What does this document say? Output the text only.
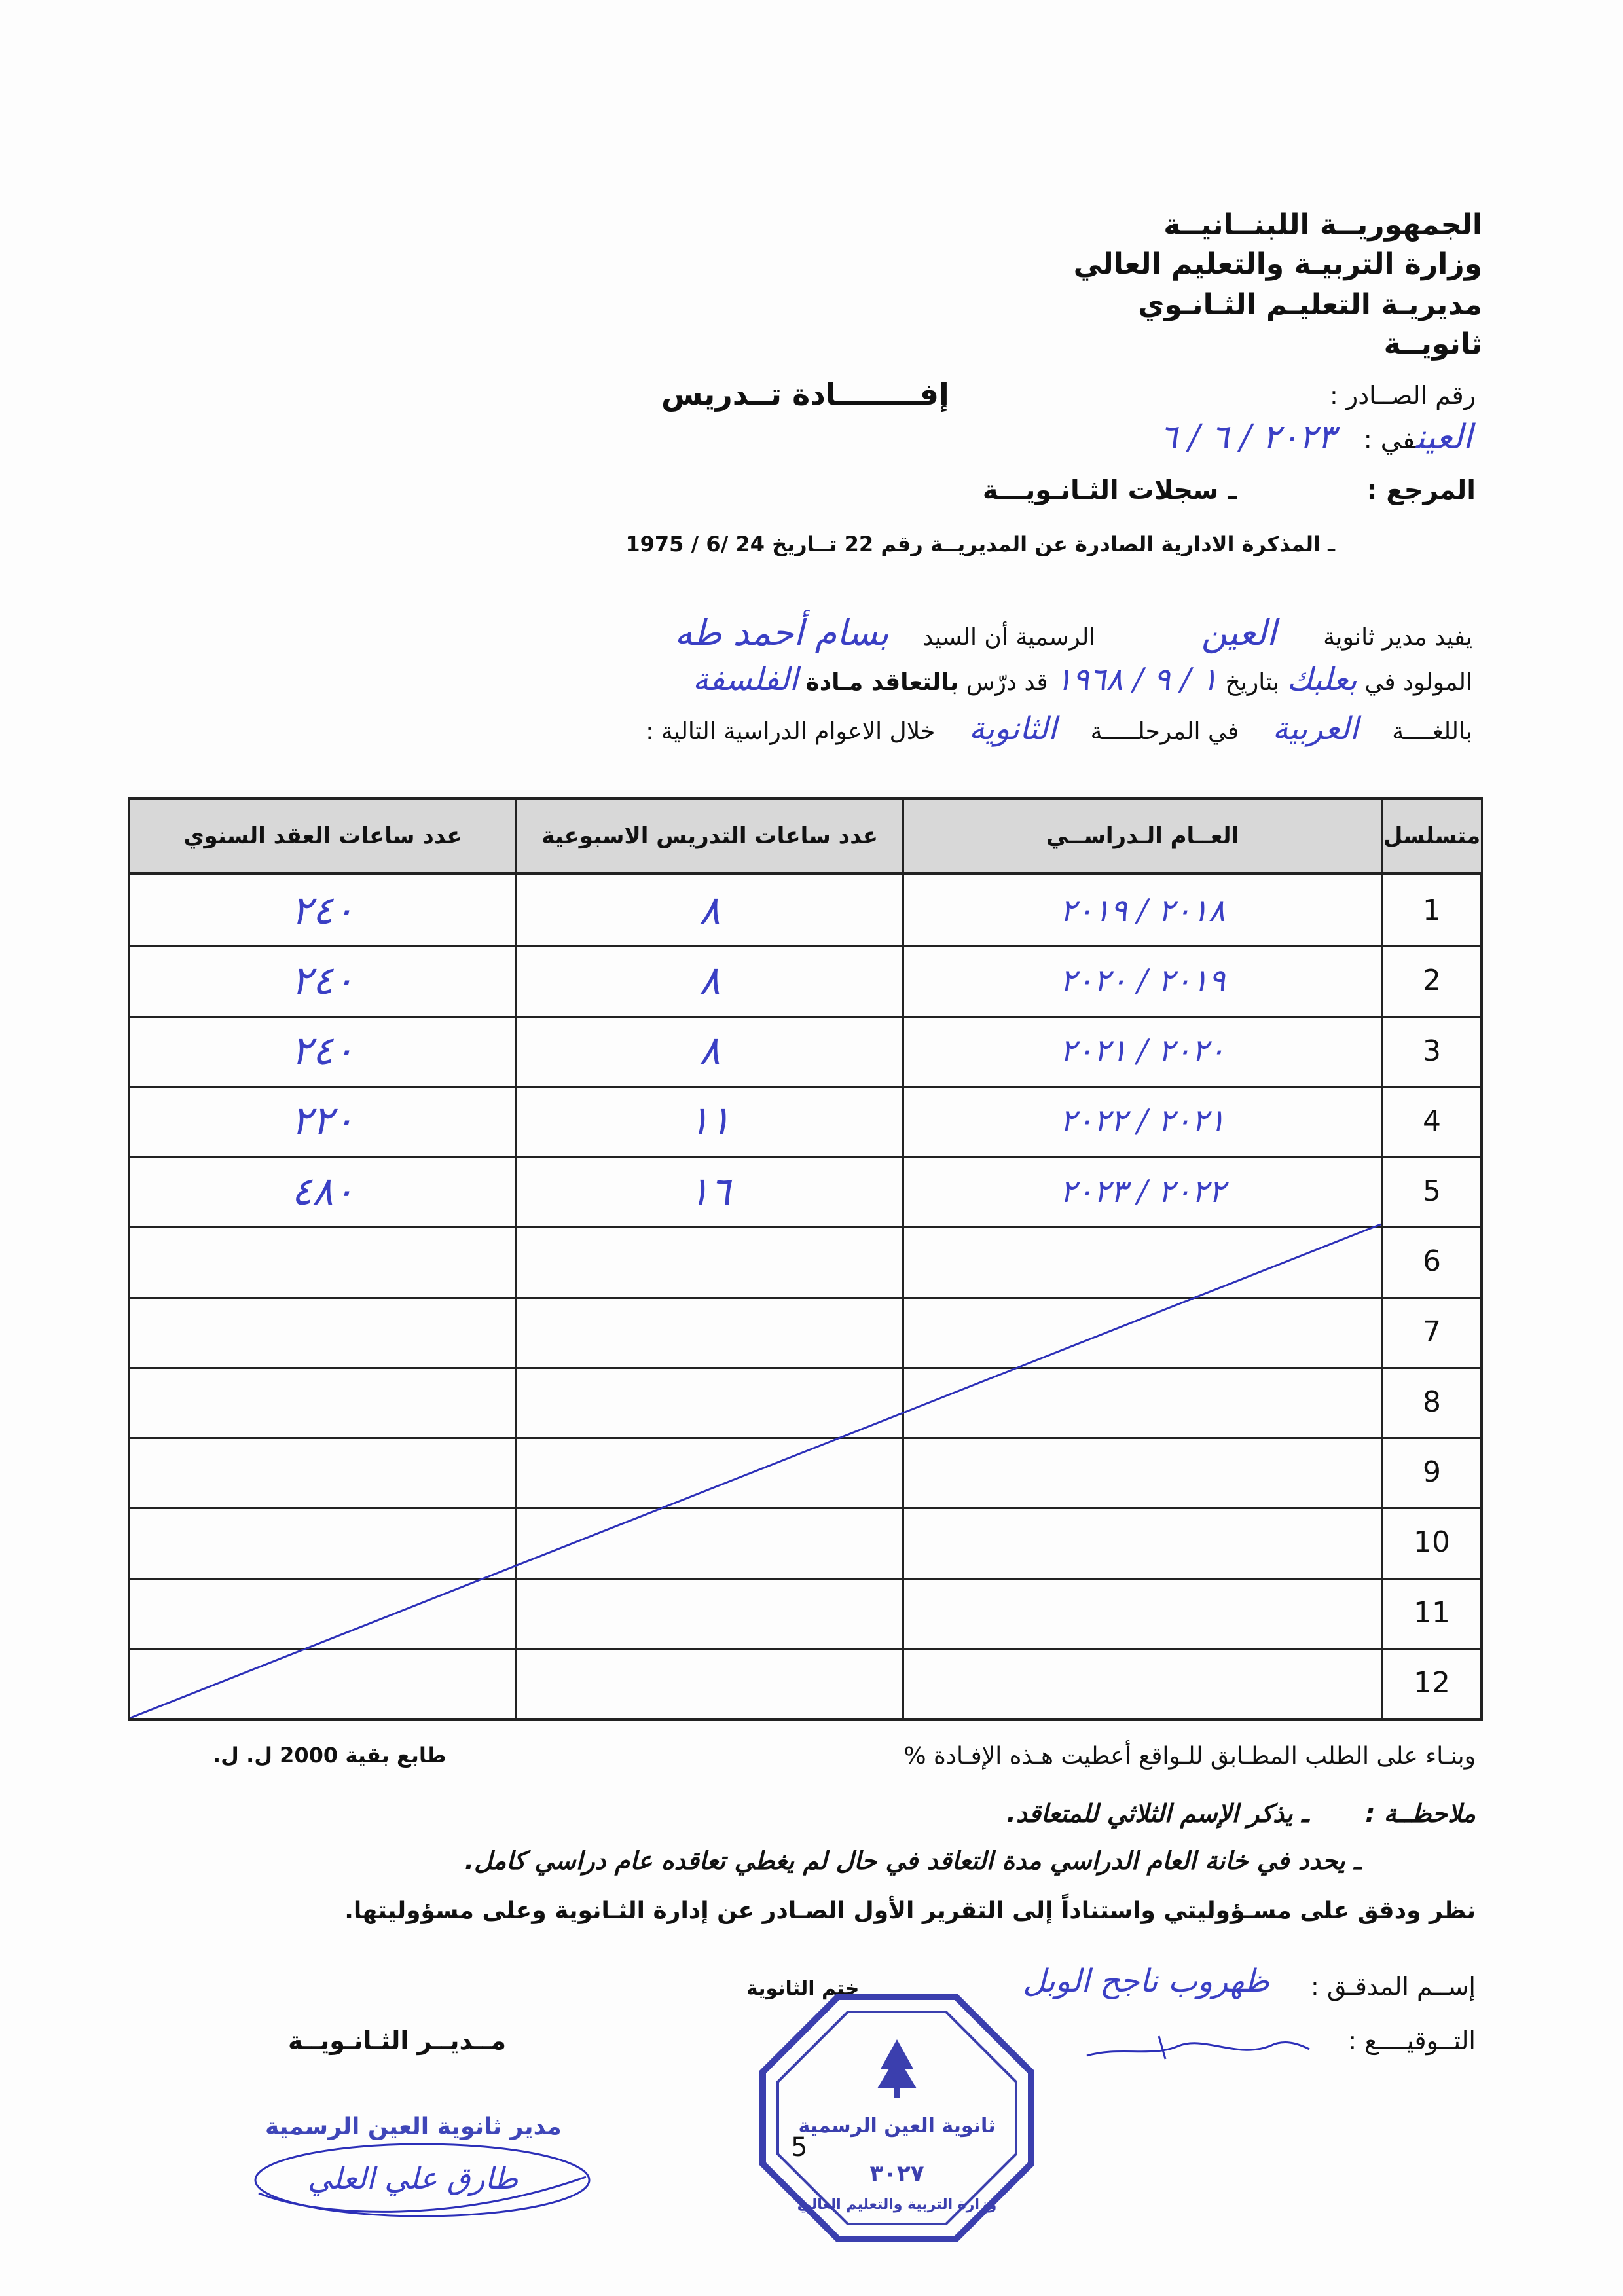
الجمهوريــة اللبنــانيــة
وزارة التربيـة والتعليم العالي
مديريـة التعليـم الثـانـوي
ثانويــة
رقم الصــادر :
إفــــــــادة تــدريس
العينفي : ٢٠٢٣ / ٦ / ٦
المرجع :
ـ سجلات الثـانـويـــة
ـ المذكرة الادارية الصادرة عن المديريــة رقم 22 تــاريخ 24 /6 / 1975
يفيد مدير ثانوية العين الرسمية أن السيد بسام أحمد طه
المولود في بعلبك بتاريخ ١ / ٩ / ١٩٦٨ قد درّس بالتعاقد مـادة الفلسفة
باللغــــة العربية في المرحلـــــة الثانوية خلال الاعوام الدراسية التالية :
عدد ساعات العقد السنوي	عدد ساعات التدريس الاسبوعية	العــام الـدراســي	متسلسل
٢٤٠	٨	٢٠١٨ / ٢٠١٩	1
٢٤٠	٨	٢٠١٩ / ٢٠٢٠	2
٢٤٠	٨	٢٠٢٠ / ٢٠٢١	3
٢٢٠	١١	٢٠٢١ / ٢٠٢٢	4
٤٨٠	١٦	٢٠٢٢ / ٢٠٢٣	5
6
7
8
9
10
11
12
وبنـاء على الطلب المطـابق للـواقع أعطيت هـذه الإفـادة %
طابع بقية 2000 ل. ل.
ملاحظــة :
ـ يذكر الإسم الثلاثي للمتعاقد.
ـ يحدد في خانة العام الدراسي مدة التعاقد في حال لم يغطي تعاقده عام دراسي كامل.
نظر ودقق على مسـؤوليتي واستناداً إلى التقرير الأول الصـادر عن إدارة الثـانوية وعلى مسؤوليتها.
إســم المدقـق :
ظهروب ناجح الوبل
التــوقيــــع :
ختم الثانوية
مــديــر الثـانـويــة
مدير ثانوية العين الرسمية
طارق علي العلي
ثانوية العين الرسمية
٣٠٢٧
وزارة التربية والتعليم العالي
5
